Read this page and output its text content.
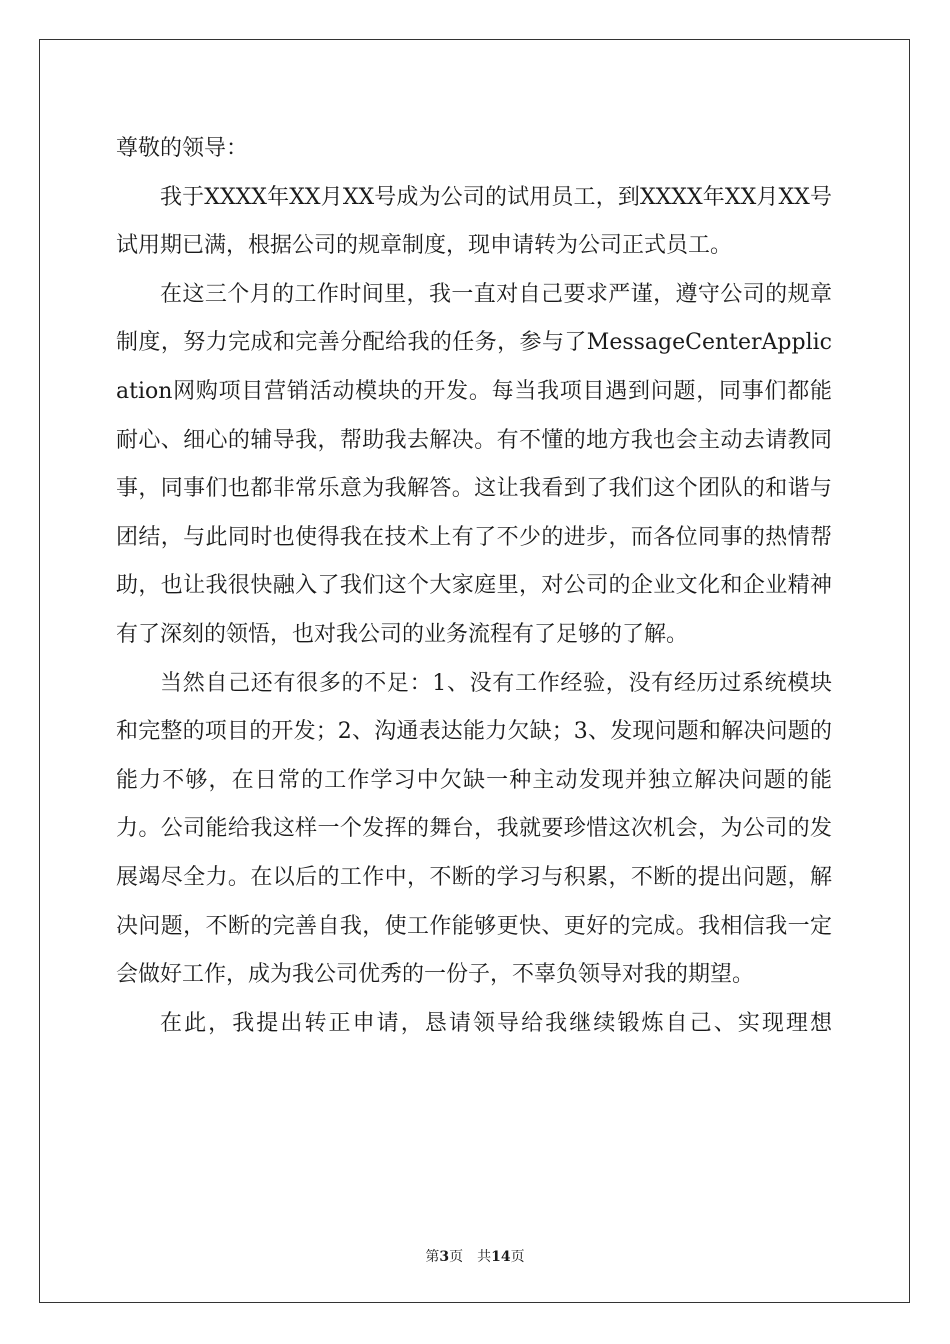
尊敬的领导：

我于XXXX年XX月XX号成为公司的试用员工，到XXXX年XX月XX号试用期已满，根据公司的规章制度，现申请转为公司正式员工。

在这三个月的工作时间里，我一直对自己要求严谨，遵守公司的规章制度，努力完成和完善分配给我的任务，参与了MessageCenterApplication网购项目营销活动模块的开发。每当我项目遇到问题，同事们都能耐心、细心的辅导我，帮助我去解决。有不懂的地方我也会主动去请教同事，同事们也都非常乐意为我解答。这让我看到了我们这个团队的和谐与团结，与此同时也使得我在技术上有了不少的进步，而各位同事的热情帮助，也让我很快融入了我们这个大家庭里，对公司的企业文化和企业精神有了深刻的领悟，也对我公司的业务流程有了足够的了解。

当然自己还有很多的不足：1、没有工作经验，没有经历过系统模块和完整的项目的开发；2、沟通表达能力欠缺；3、发现问题和解决问题的能力不够，在日常的工作学习中欠缺一种主动发现并独立解决问题的能力。公司能给我这样一个发挥的舞台，我就要珍惜这次机会，为公司的发展竭尽全力。在以后的工作中，不断的学习与积累，不断的提出问题，解决问题，不断的完善自我，使工作能够更快、更好的完成。我相信我一定会做好工作，成为我公司优秀的一份子，不辜负领导对我的期望。

在此，我提出转正申请，恳请领导给我继续锻炼自己、实现理想

第3页 共14页
